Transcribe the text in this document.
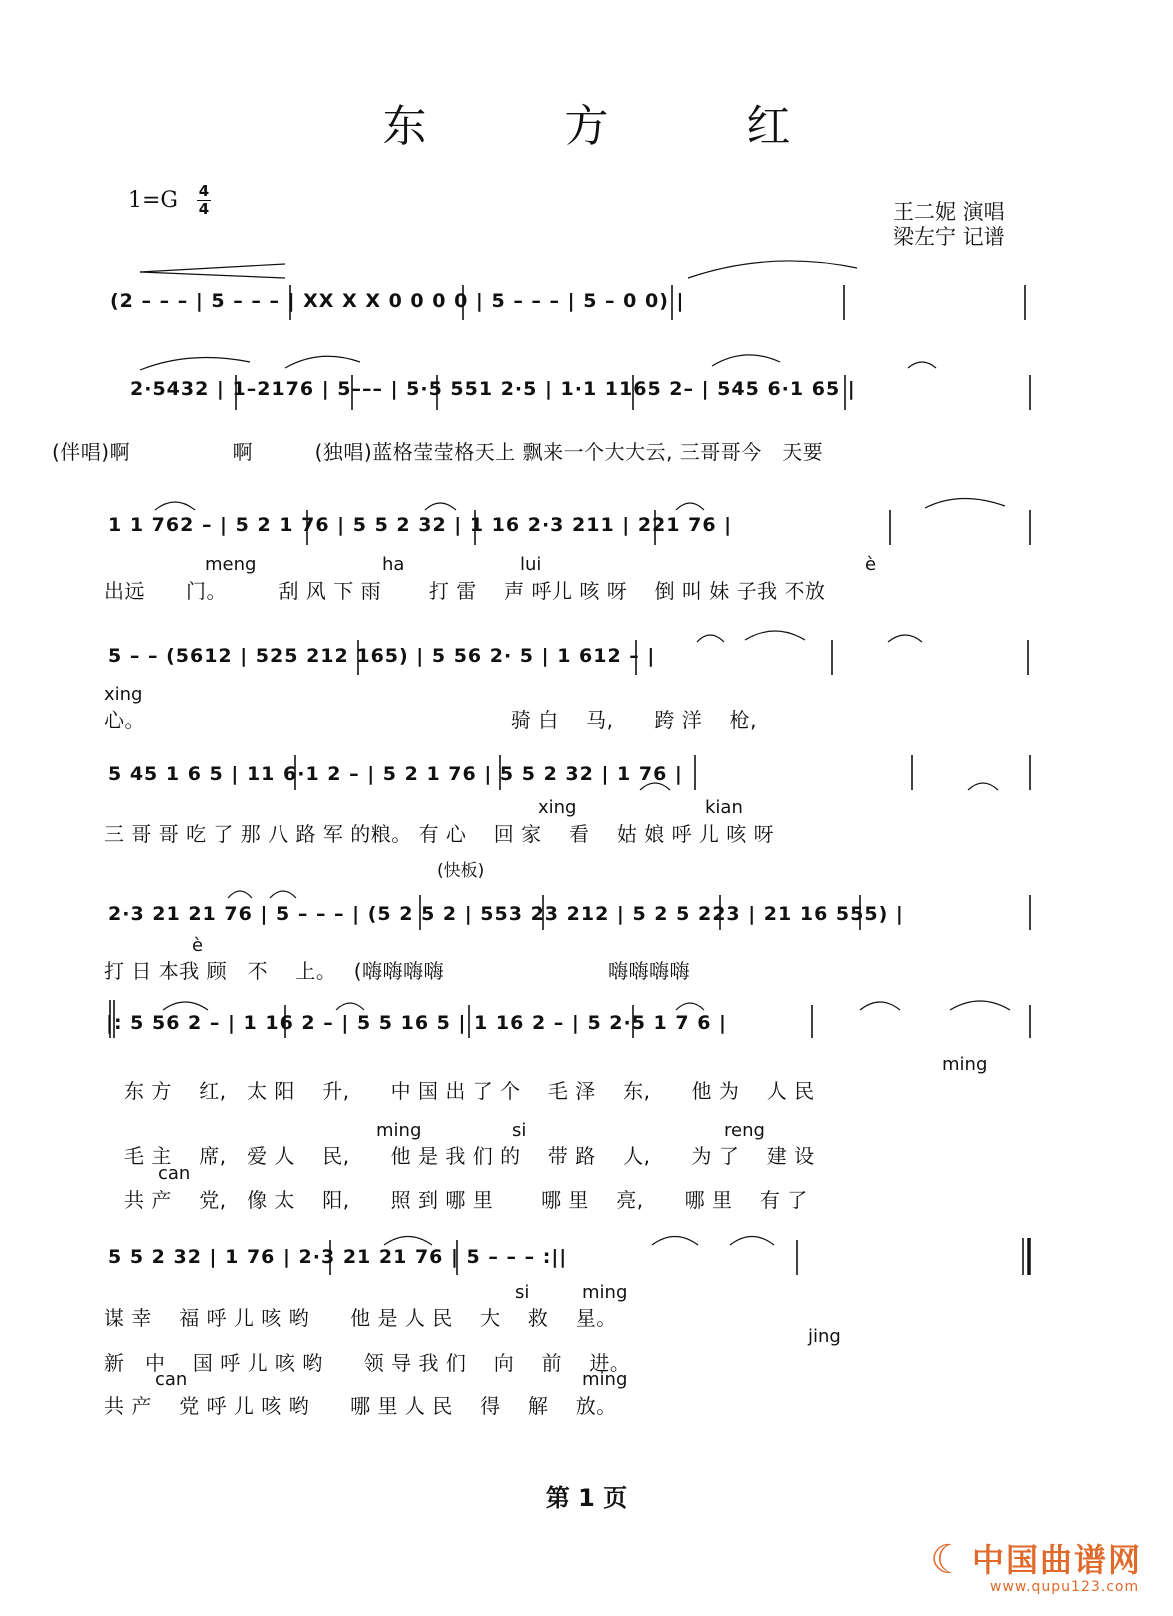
东 方 红
1=G 4
4	王二妮 演唱
梁左宁 记谱
(2 – – – | 5 – – – | XX X X 0 0 0 0 | 5 – – – | 5 – 0 0) |
2·5432 | 1–2176 | 5––– | 5·5 551 2·5 | 1·1 1165 2– | 545 6·1 65 |
(伴唱)啊　　　　　啊　　　(独唱)蓝格莹莹格天上 飘来一个大大云, 三哥哥今　天要
1 1 762 – | 5 2 1 76 | 5 5 2 32 | 1 16 2·3 211 | 221 76 |
meng	ha	lui	è
出远　　门。　　　刮 风 下 雨　　 打 雷　 声 呼儿 咳 呀　 倒 叫 妹 子我 不放
5 – – (5612 | 525 212 165) | 5 56 2· 5 | 1 612 – |
xing
心。　　　　　　　　　　　　　　　　　　 骑 白　 马,　　跨 洋　 枪,
5 45 1 6 5 | 11 6·1 2 – | 5 2 1 76 | 5 5 2 32 | 1 76 |
xing	kian
三 哥 哥 吃 了 那 八 路 军 的粮。 有 心　 回 家　 看　 姑 娘 呼 儿 咳 呀
(快板)
2·3 21 21 76 | 5 – – – | (5 2 5 2 | 553 23 212 | 5 2 5 223 | 21 16 555) |
è
打 日 本我 顾　不　 上。　 (嗨嗨嗨嗨　　　　　　　　嗨嗨嗨嗨
|: 5 56 2 – | 1 16 2 – | 5 5 16 5 | 1 16 2 – | 5 2·5 1 7 6 |
ming
东 方　 红,　太 阳　 升,　　中 国 出 了 个　 毛 泽　 东,　　他 为　 人 民
ming	si	reng
毛 主　 席,　爱 人　 民,　　他 是 我 们 的　 带 路　 人,　　为 了　 建 设
can
共 产　 党,　像 太　 阳,　　照 到 哪 里　　 哪 里　 亮,　　哪 里　 有 了
5 5 2 32 | 1 76 | 2·3 21 21 76 | 5 – – – :||
si	ming
谋 幸　 福 呼 儿 咳 哟　　他 是 人 民　 大　 救　 星。
jing
新　中　 国 呼 儿 咳 哟　　领 导 我 们　 向　 前　 进。
can	ming
共 产　 党 呼 儿 咳 哟　　哪 里 人 民　 得　 解　 放。
第 1 页
☾ 中国曲谱网
www.qupu123.com
